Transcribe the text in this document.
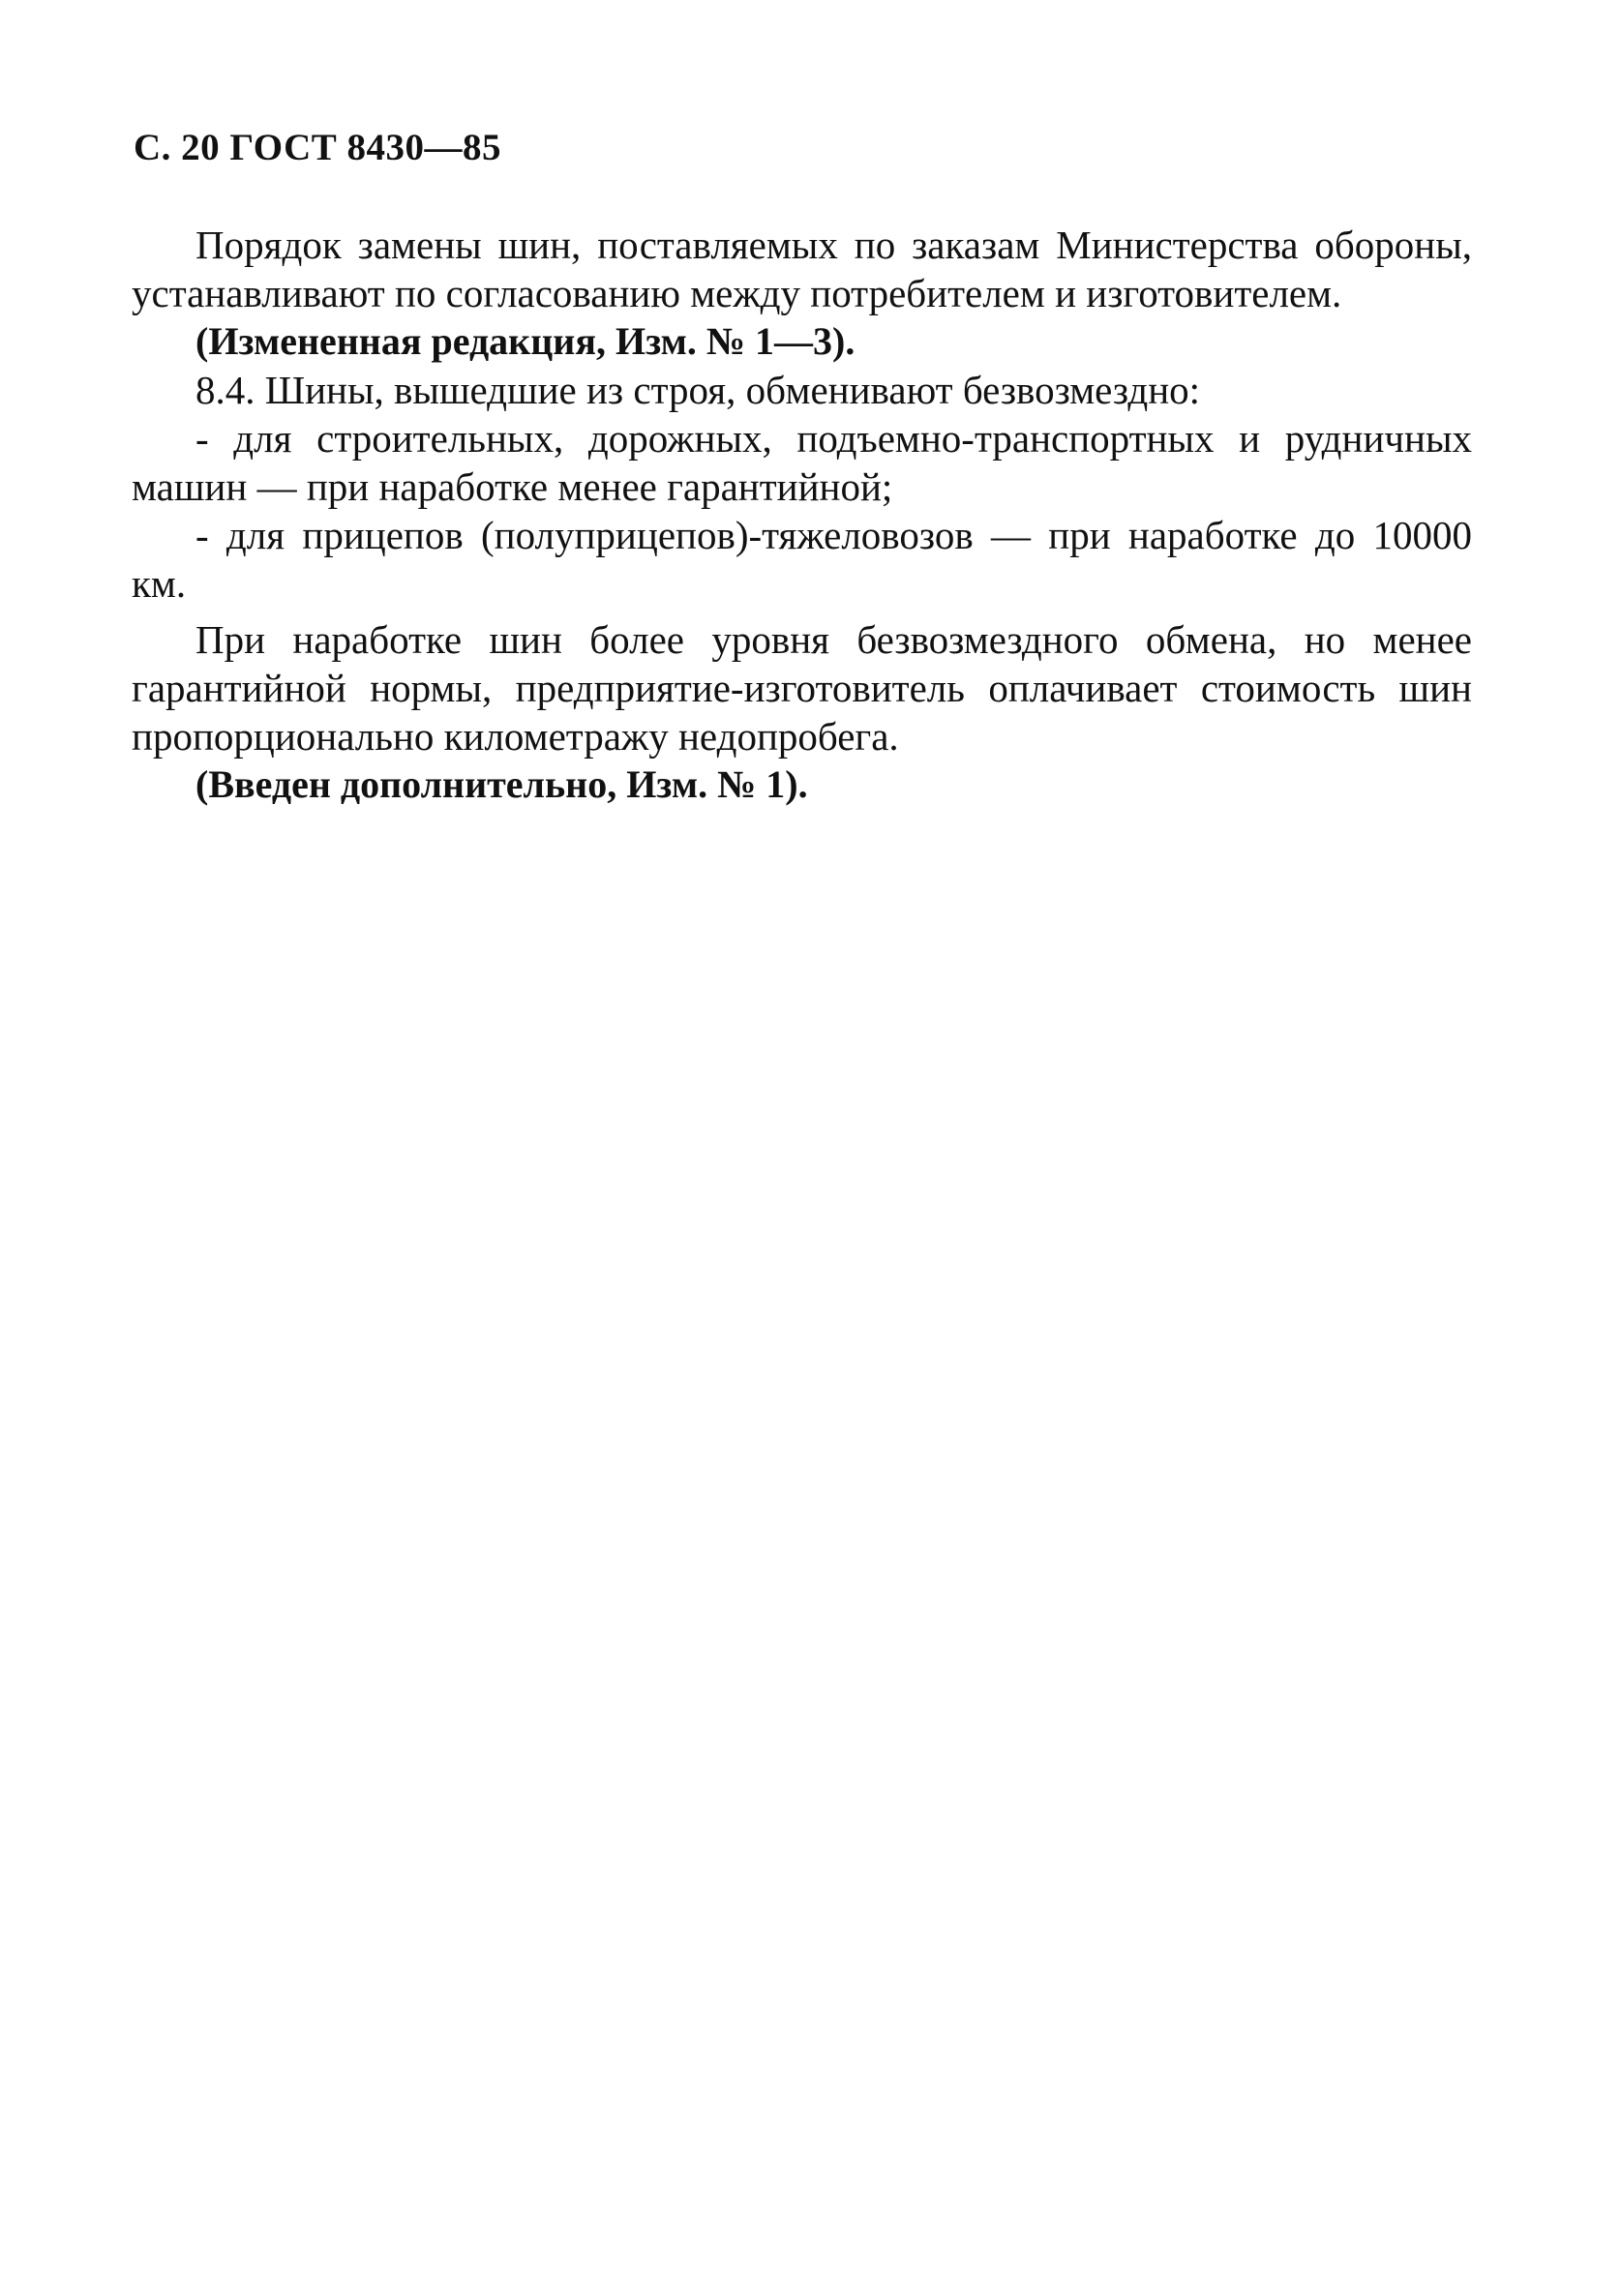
С. 20 ГОСТ 8430—85

Порядок замены шин, поставляемых по заказам Министерства обороны, устанавливают по согласованию между потребителем и изготовителем.

(Измененная редакция, Изм. № 1—3).

8.4. Шины, вышедшие из строя, обменивают безвозмездно:

- для строительных, дорожных, подъемно-транспортных и рудничных машин — при наработке менее гарантийной;

- для прицепов (полуприцепов)-тяжеловозов — при наработке до 10000 км.

При наработке шин более уровня безвозмездного обмена, но менее гарантийной нормы, предприятие-изготовитель оплачивает стоимость шин пропорционально километражу недопробега.

(Введен дополнительно, Изм. № 1).
